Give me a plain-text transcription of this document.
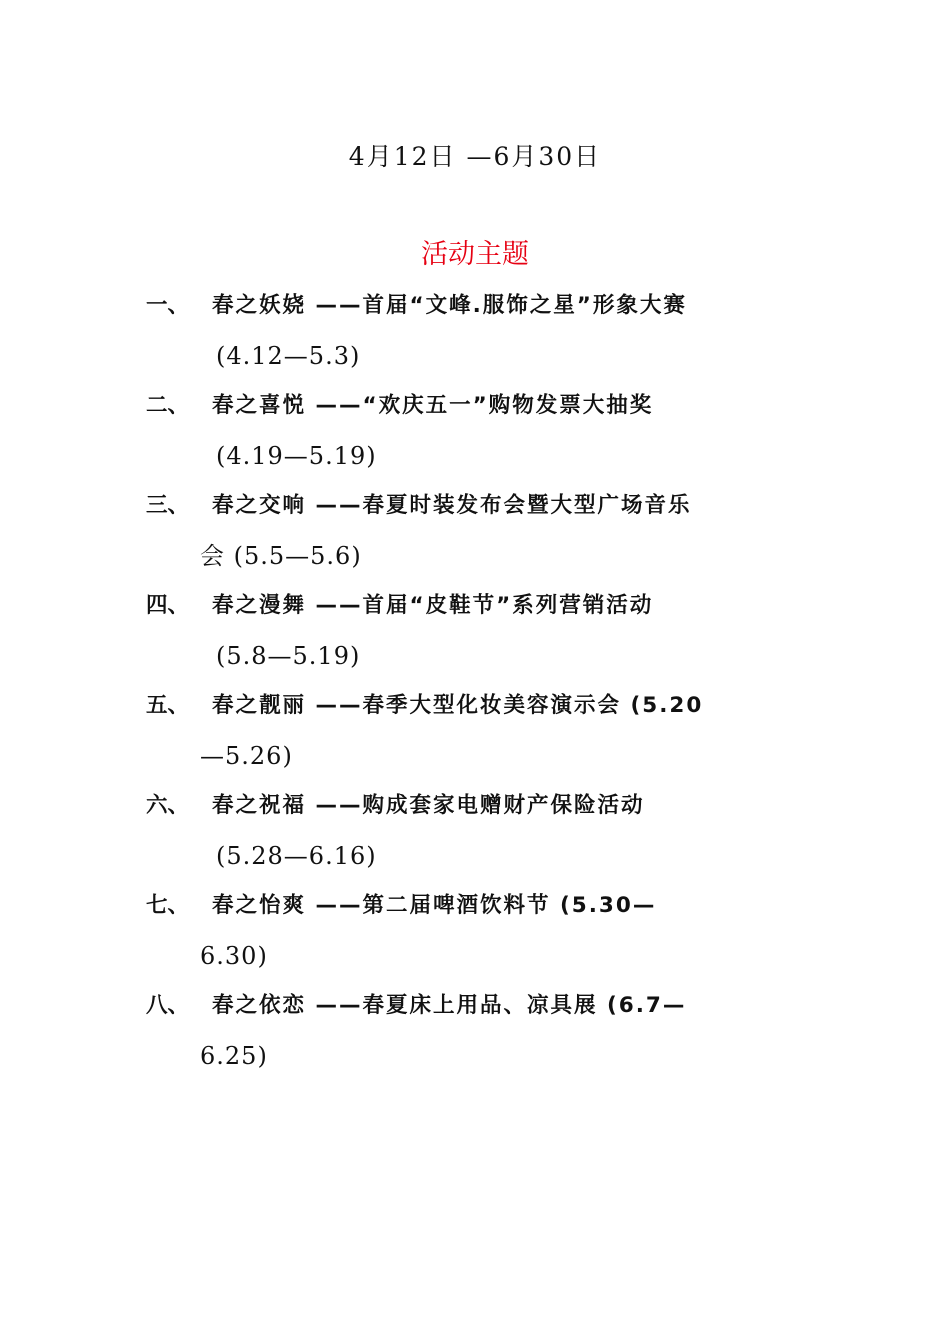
4月12日 —6月30日
活动主题
一、 春之妖娆 ——首届“文峰.服饰之星”形象大赛
(4.12—5.3)
二、 春之喜悦 ——“欢庆五一”购物发票大抽奖
(4.19—5.19)
三、 春之交响 ——春夏时装发布会暨大型广场音乐
会 (5.5—5.6)
四、 春之漫舞 ——首届“皮鞋节”系列营销活动
(5.8—5.19)
五、 春之靓丽 ——春季大型化妆美容演示会 (5.20
—5.26)
六、 春之祝福 ——购成套家电赠财产保险活动
(5.28—6.16)
七、 春之怡爽 ——第二届啤酒饮料节 (5.30—
6.30)
八、 春之依恋 ——春夏床上用品、凉具展 (6.7—
6.25)
